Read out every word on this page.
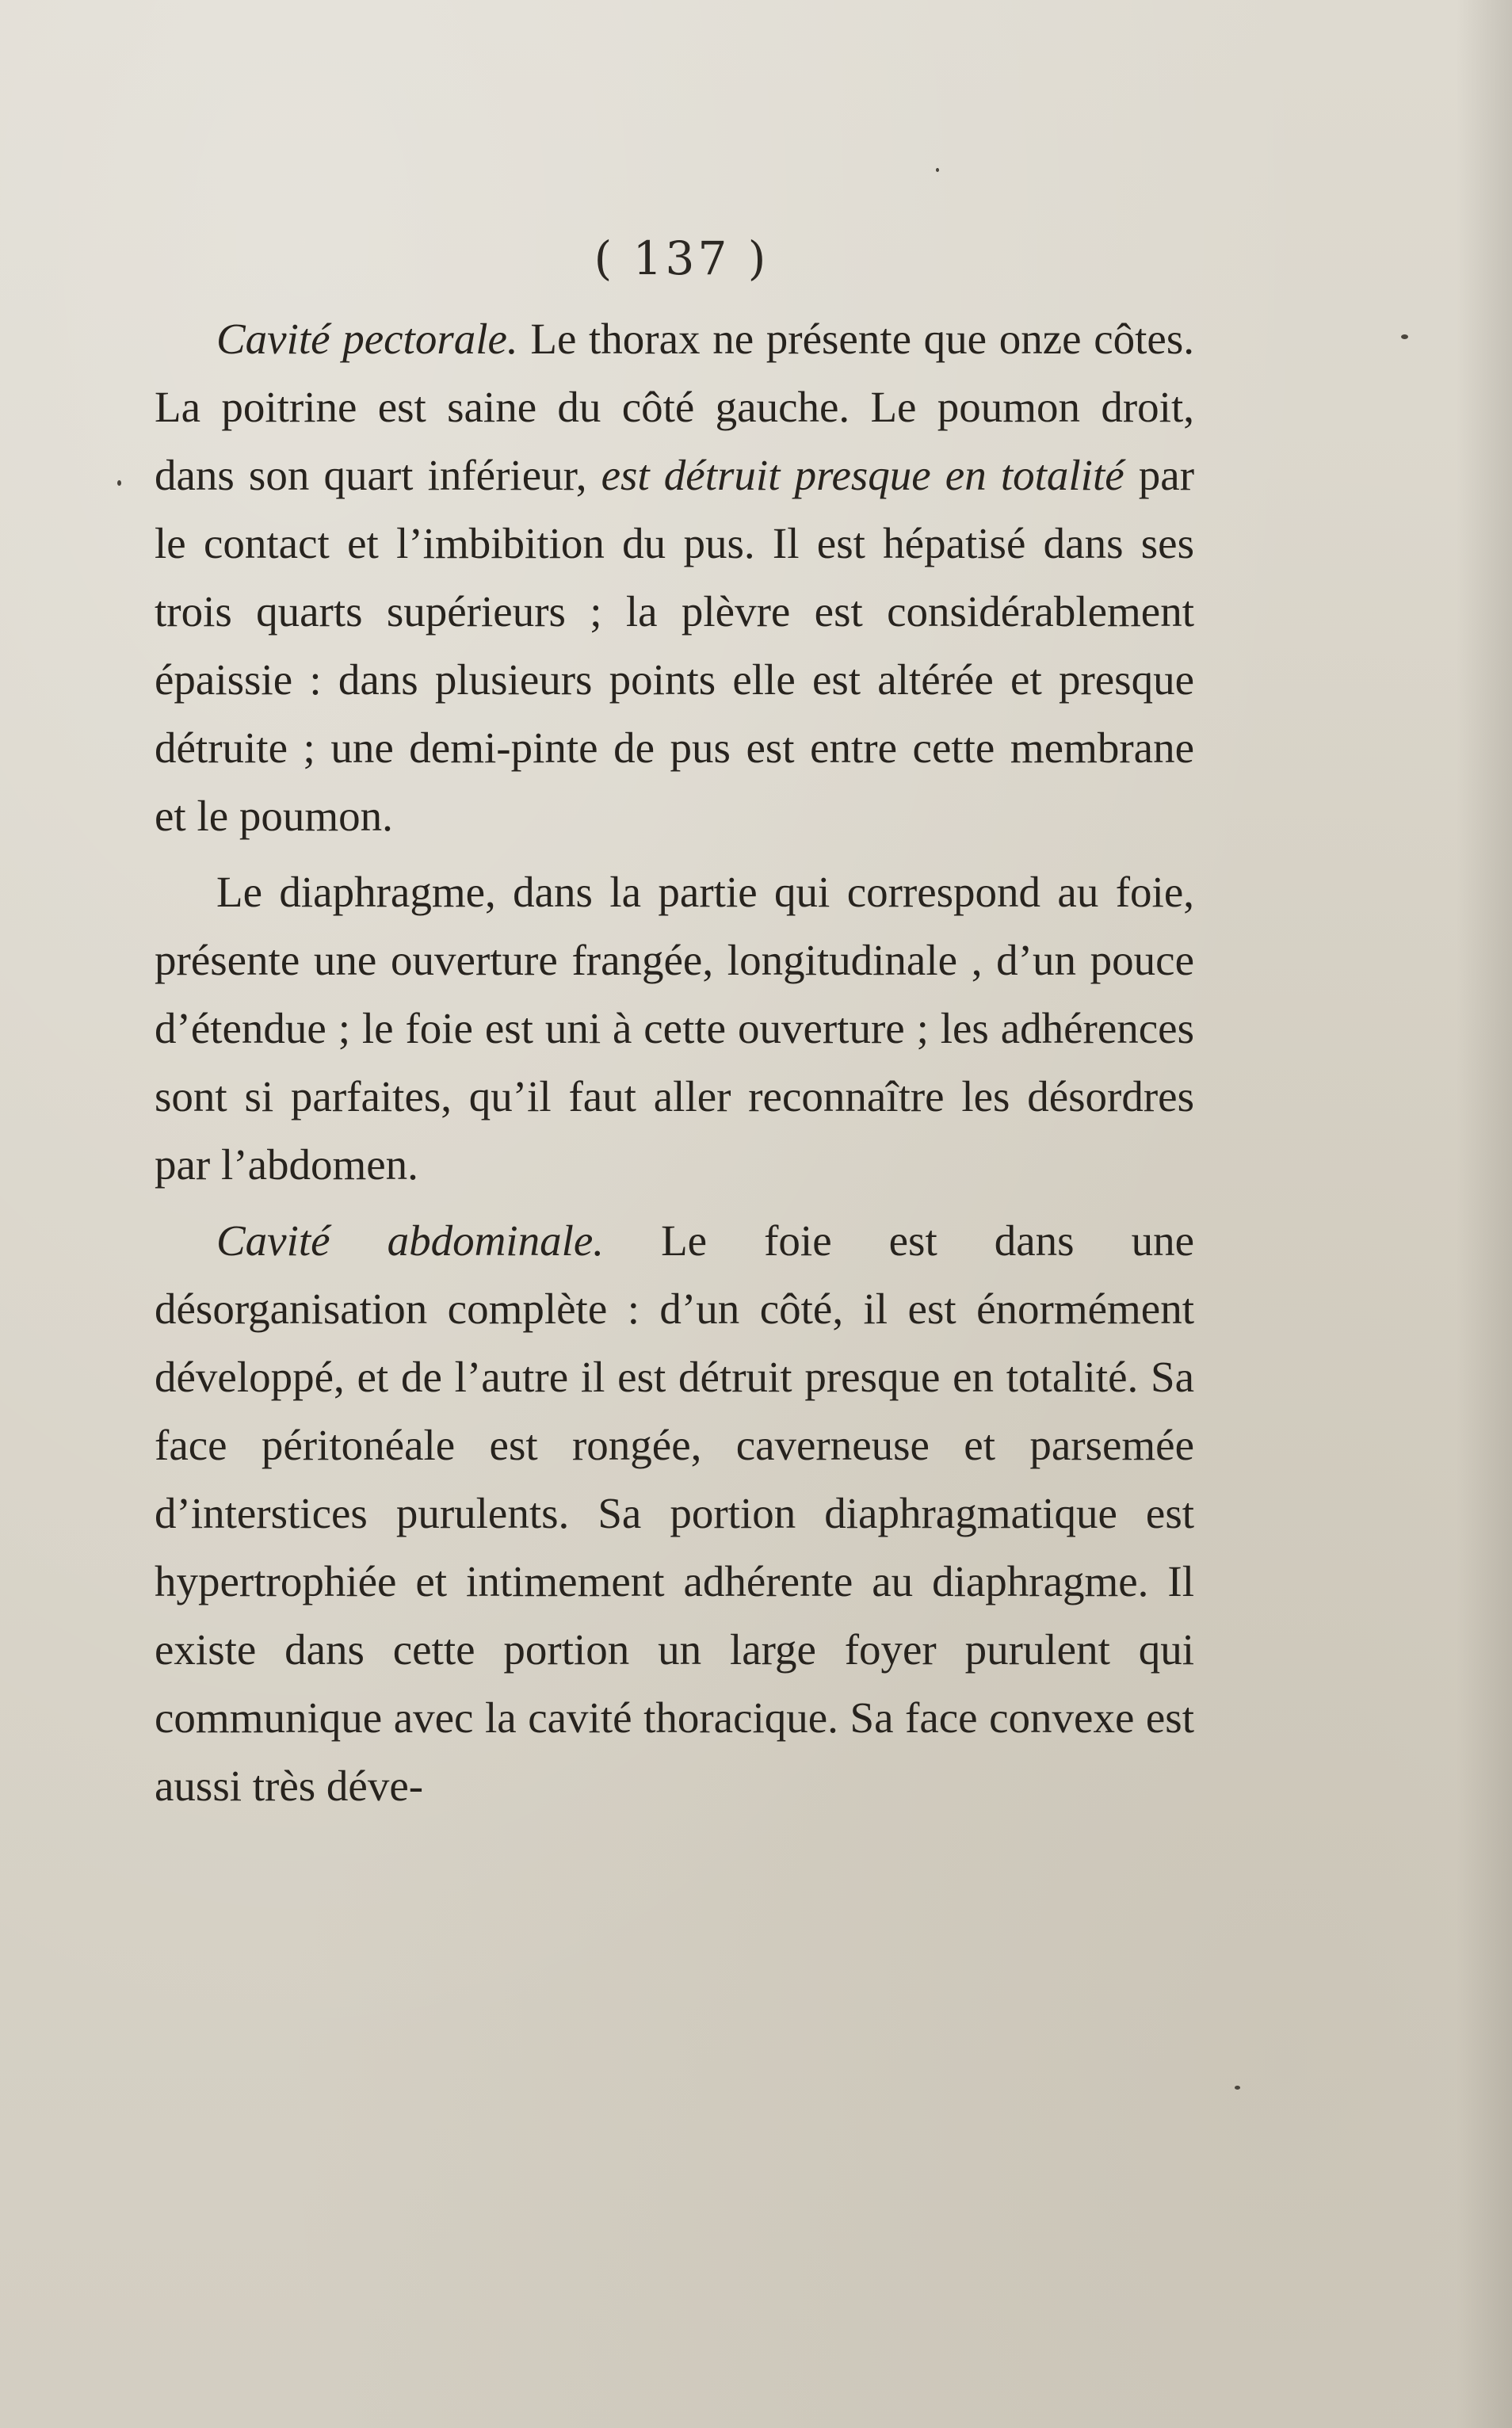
( 137 )

Cavité pectorale. Le thorax ne présente que onze côtes. La poitrine est saine du côté gauche. Le poumon droit, dans son quart inférieur, est détruit presque en totalité par le contact et l’imbibition du pus. Il est hépatisé dans ses trois quarts supérieurs ; la plèvre est considérablement épaissie : dans plusieurs points elle est altérée et presque détruite ; une demi-pinte de pus est entre cette membrane et le poumon.

Le diaphragme, dans la partie qui correspond au foie, présente une ouverture frangée, longitudinale , d’un pouce d’étendue ; le foie est uni à cette ouverture ; les adhérences sont si parfaites, qu’il faut aller reconnaître les désordres par l’abdomen.

Cavité abdominale. Le foie est dans une désorganisation complète : d’un côté, il est énormément développé, et de l’autre il est détruit presque en totalité. Sa face péritonéale est rongée, caverneuse et parsemée d’interstices purulents. Sa portion diaphragmatique est hypertrophiée et intimement adhérente au diaphragme. Il existe dans cette portion un large foyer purulent qui communique avec la cavité thoracique. Sa face convexe est aussi très déve-
